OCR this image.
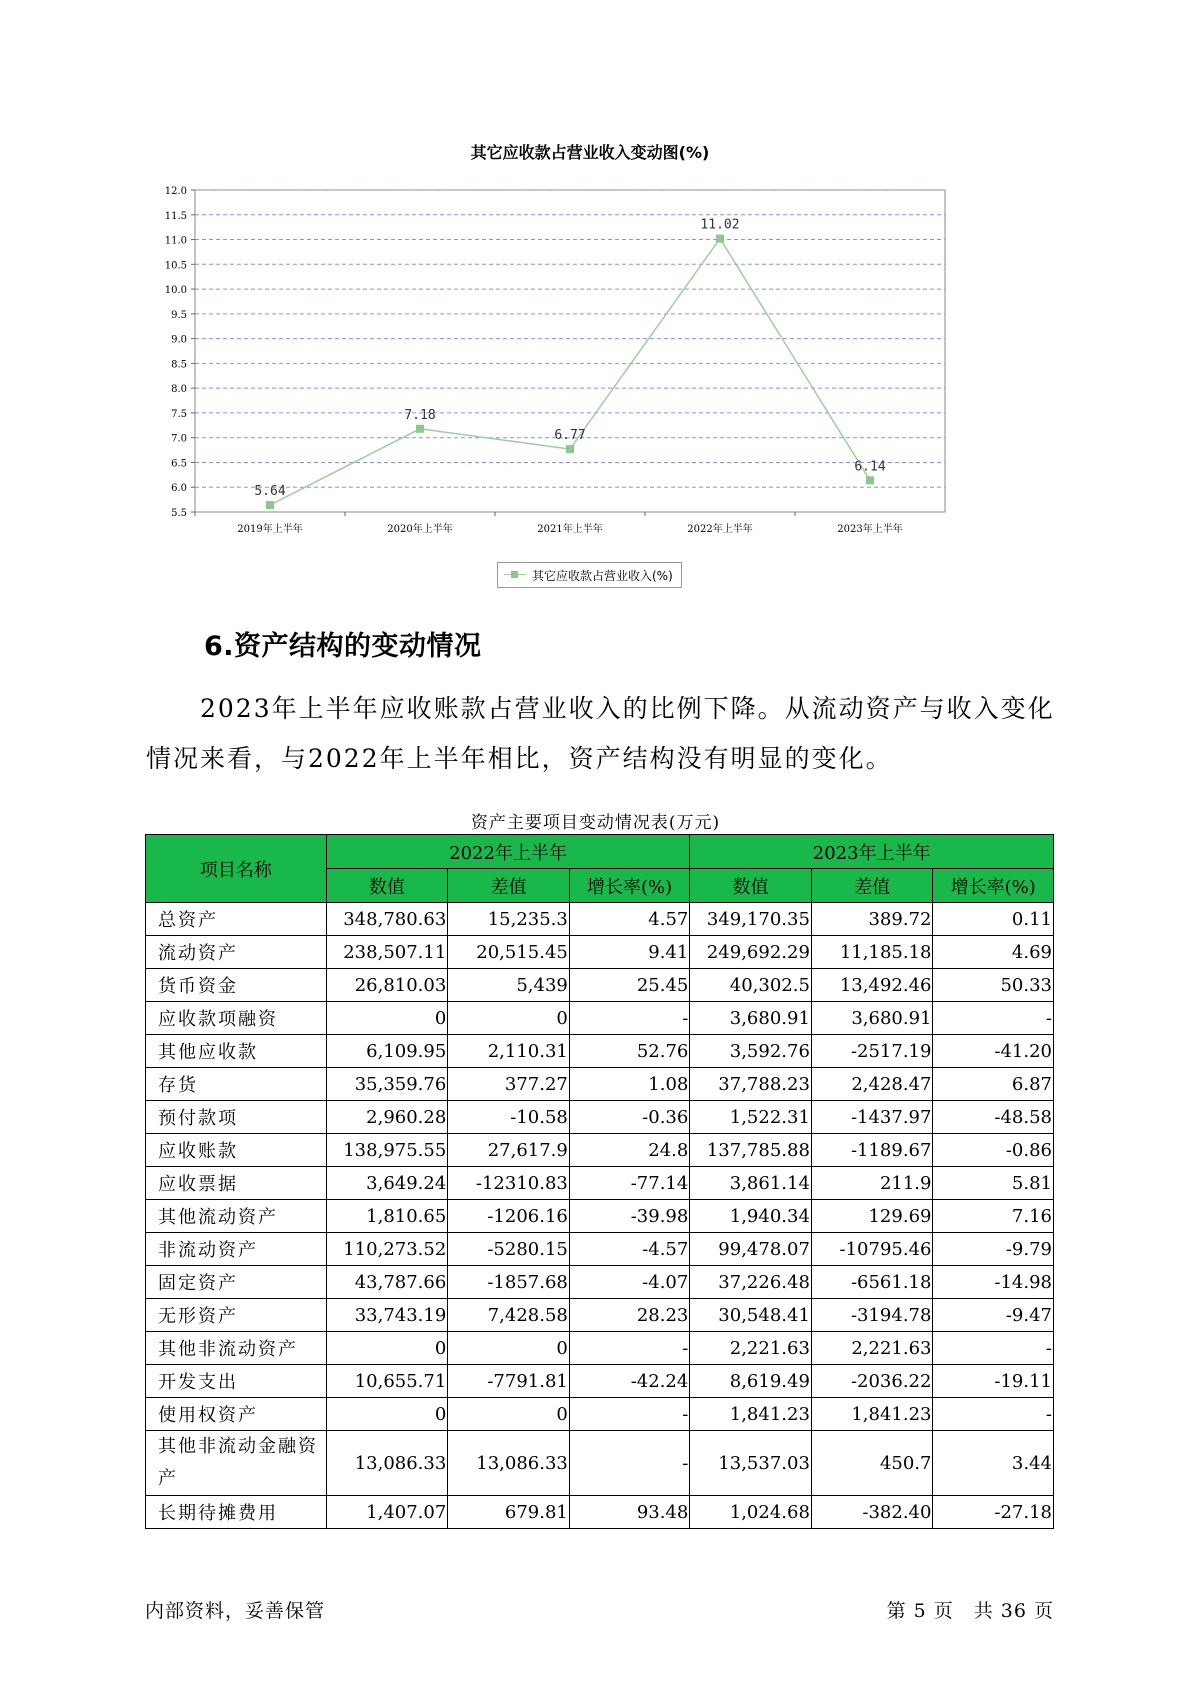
其它应收款占营业收入变动图(%)
5.5
6.0
6.5
7.0
7.5
8.0
8.5
9.0
9.5
10.0
10.5
11.0
11.5
12.0
2019年上半年	2020年上半年	2021年上半年	2022年上半年	2023年上半年
5.64
7.18
6.77
11.02
6.14
其它应收款占营业收入(%)
6.资产结构的变动情况
2023年上半年应收账款占营业收入的比例下降。从流动资产与收入变化情况来看，与2022年上半年相比，资产结构没有明显的变化。
资产主要项目变动情况表(万元)
项目名称	2022年上半年			2023年上半年		
	数值	差值	增长率(%)	数值	差值	增长率(%)
总资产	348,780.63	15,235.3	4.57	349,170.35	389.72	0.11
流动资产	238,507.11	20,515.45	9.41	249,692.29	11,185.18	4.69
货币资金	26,810.03	5,439	25.45	40,302.5	13,492.46	50.33
应收款项融资	0	0	-	3,680.91	3,680.91	-
其他应收款	6,109.95	2,110.31	52.76	3,592.76	-2517.19	-41.20
存货	35,359.76	377.27	1.08	37,788.23	2,428.47	6.87
预付款项	2,960.28	-10.58	-0.36	1,522.31	-1437.97	-48.58
应收账款	138,975.55	27,617.9	24.8	137,785.88	-1189.67	-0.86
应收票据	3,649.24	-12310.83	-77.14	3,861.14	211.9	5.81
其他流动资产	1,810.65	-1206.16	-39.98	1,940.34	129.69	7.16
非流动资产	110,273.52	-5280.15	-4.57	99,478.07	-10795.46	-9.79
固定资产	43,787.66	-1857.68	-4.07	37,226.48	-6561.18	-14.98
无形资产	33,743.19	7,428.58	28.23	30,548.41	-3194.78	-9.47
其他非流动资产	0	0	-	2,221.63	2,221.63	-
开发支出	10,655.71	-7791.81	-42.24	8,619.49	-2036.22	-19.11
使用权资产	0	0	-	1,841.23	1,841.23	-
其他非流动金融资产	13,086.33	13,086.33	-	13,537.03	450.7	3.44
长期待摊费用	1,407.07	679.81	93.48	1,024.68	-382.40	-27.18
内部资料，妥善保管	第 5 页　共 36 页
